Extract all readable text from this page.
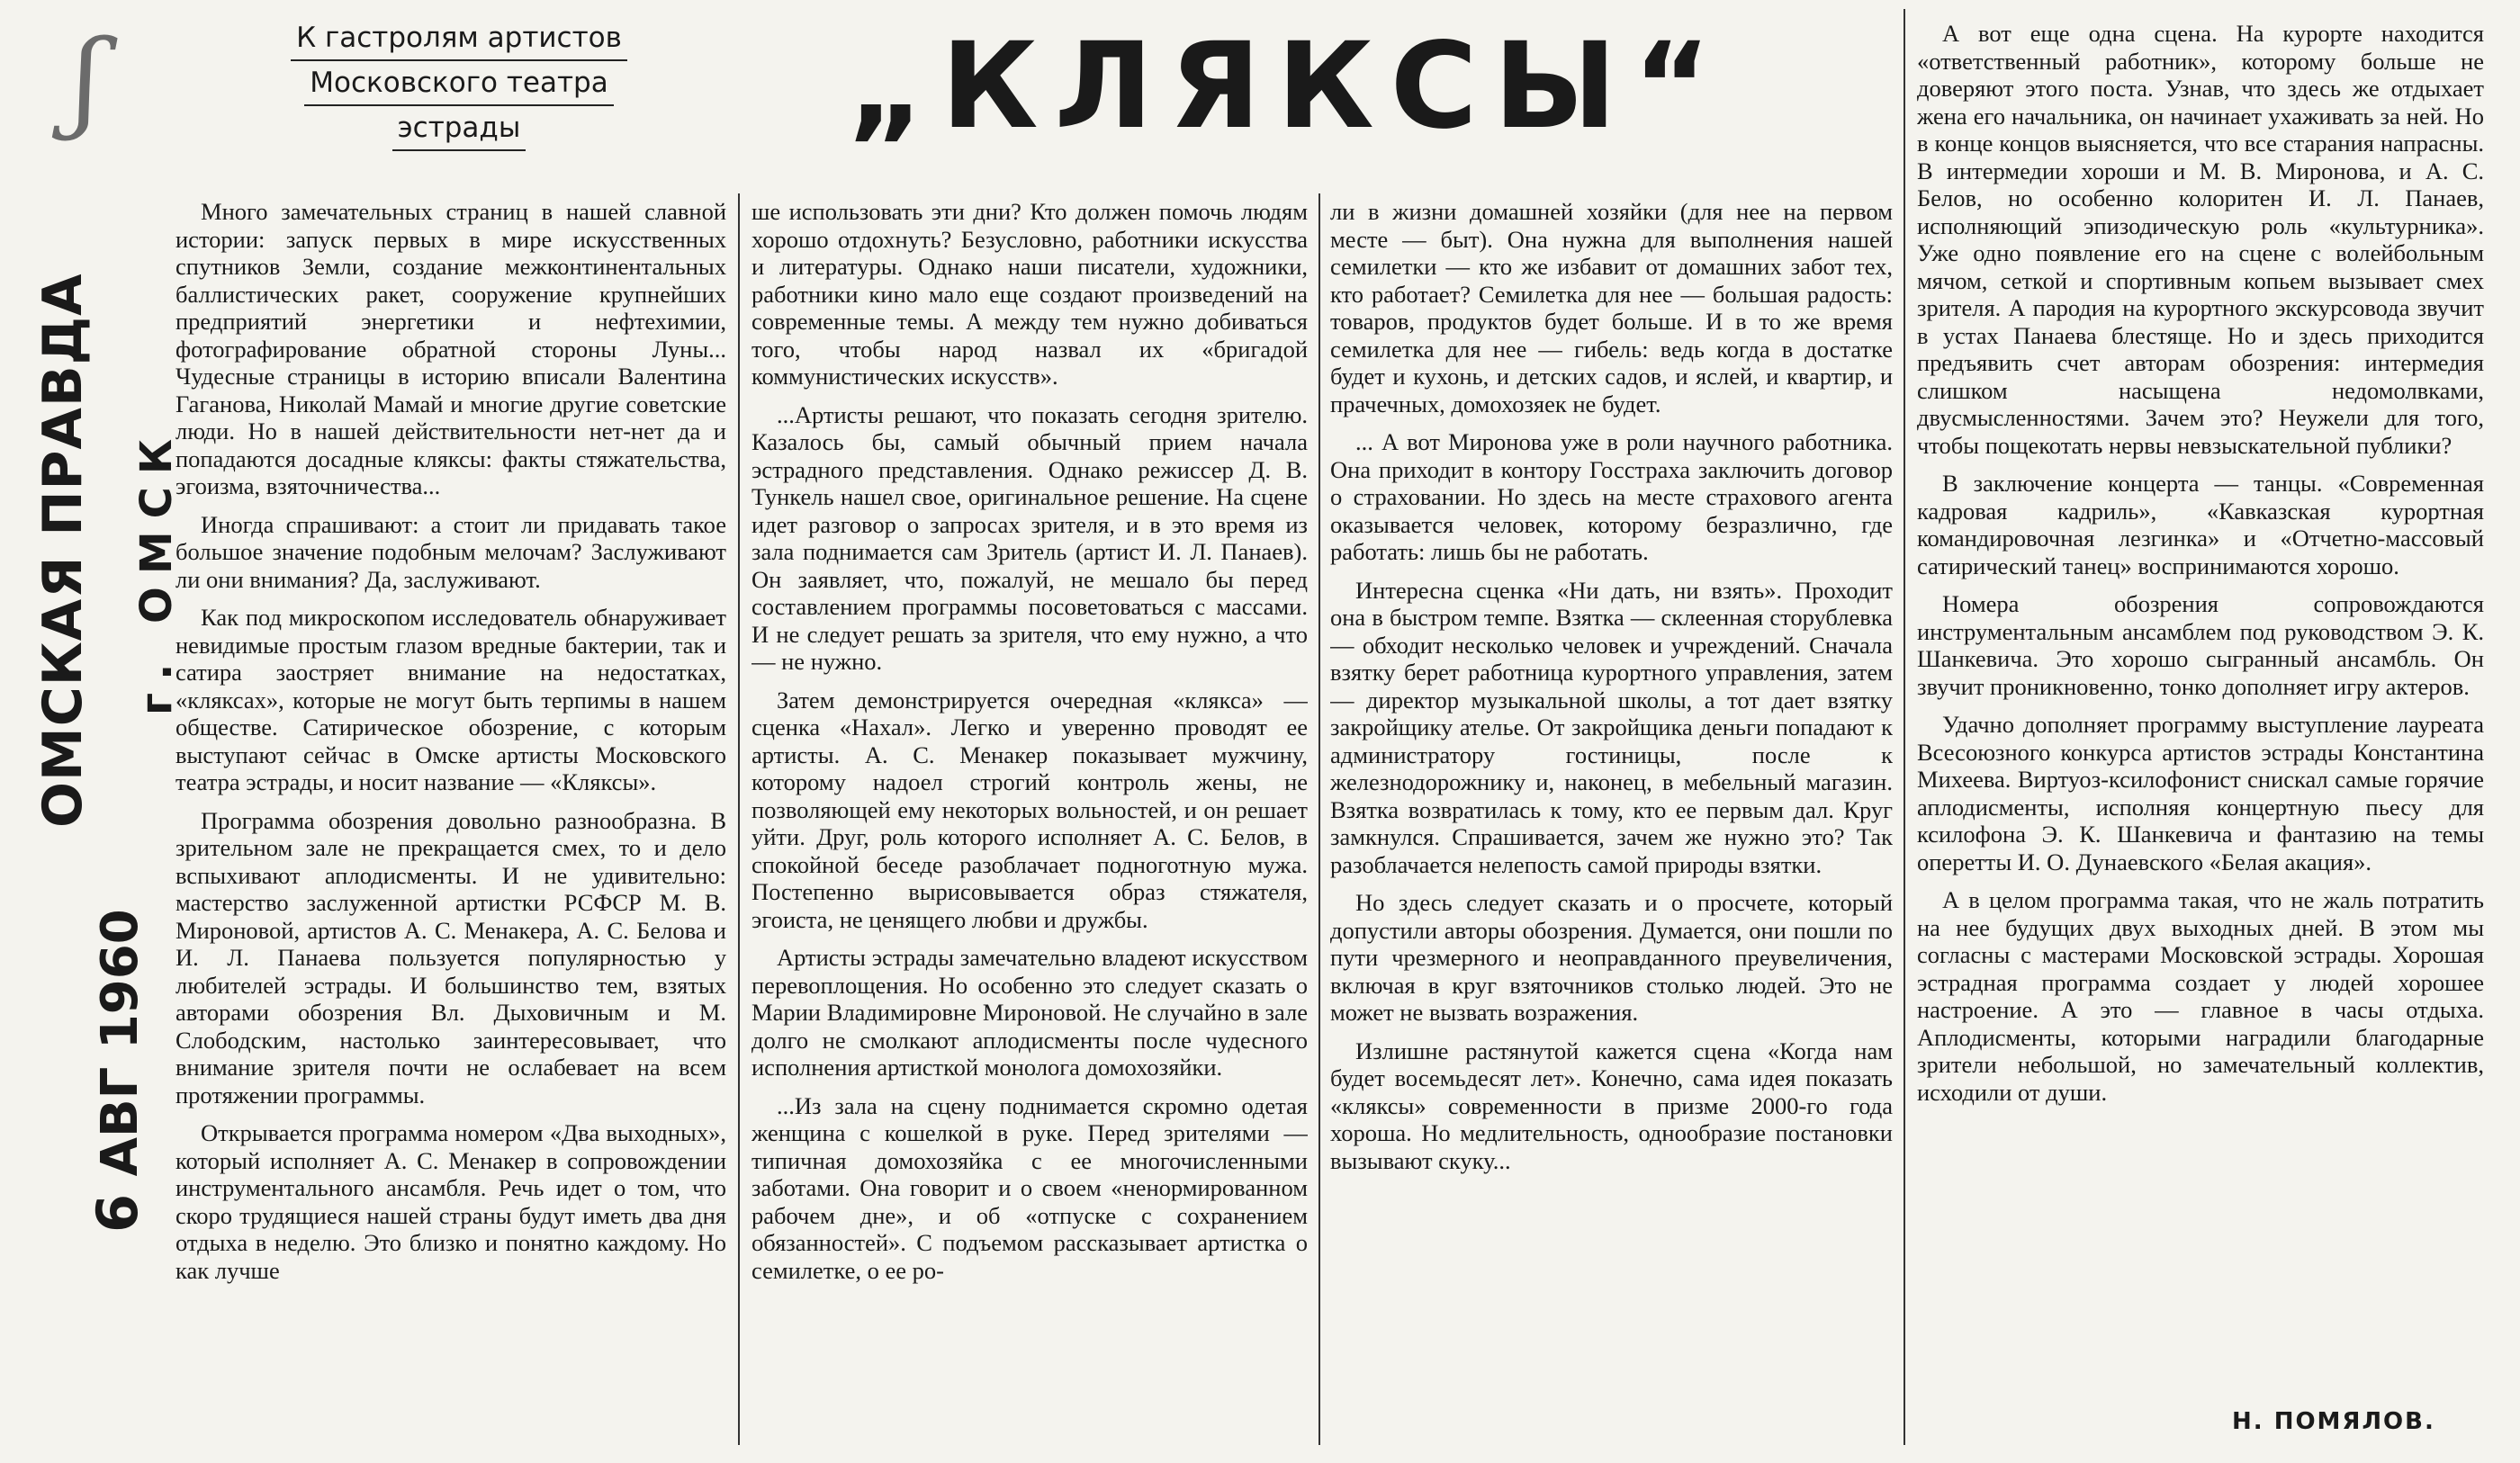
ʃ
ОМСКАЯ ПРАВДА г. ОМСК
6 АВГ 1960
К гастролям артистов
Московского театра
эстрады	„КЛЯКСЫ“

Много замечательных страниц в нашей славной истории: запуск первых в мире искусственных спутников Земли, создание межконтинентальных баллистических ракет, сооружение крупнейших предприятий энергетики и нефтехимии, фотографирование обратной стороны Луны... Чудесные страницы в историю вписали Валентина Гаганова, Николай Мамай и многие другие советские люди. Но в нашей действительности нет-нет да и попадаются досадные кляксы: факты стяжательства, эгоизма, взяточничества...

Иногда спрашивают: а стоит ли придавать такое большое значение подобным мелочам? Заслуживают ли они внимания? Да, заслуживают.

Как под микроскопом исследователь обнаруживает невидимые простым глазом вредные бактерии, так и сатира заостряет внимание на недостатках, «кляксах», которые не могут быть терпимы в нашем обществе. Сатирическое обозрение, с которым выступают сейчас в Омске артисты Московского театра эстрады, и носит название — «Кляксы».

Программа обозрения довольно разнообразна. В зрительном зале не прекращается смех, то и дело вспыхивают аплодисменты. И не удивительно: мастерство заслуженной артистки РСФСР М. В. Мироновой, артистов А. С. Менакера, А. С. Белова и И. Л. Панаева пользуется популярностью у любителей эстрады. И большинство тем, взятых авторами обозрения Вл. Дыховичным и М. Слободским, настолько заинтересовывает, что внимание зрителя почти не ослабевает на всем протяжении программы.

Открывается программа номером «Два выходных», который исполняет А. С. Менакер в сопровождении инструментального ансамбля. Речь идет о том, что скоро трудящиеся нашей страны будут иметь два дня отдыха в неделю. Это близко и понятно каждому. Но как лучше

ше использовать эти дни? Кто должен помочь людям хорошо отдохнуть? Безусловно, работники искусства и литературы. Однако наши писатели, художники, работники кино мало еще создают произведений на современные темы. А между тем нужно добиваться того, чтобы народ назвал их «бригадой коммунистических искусств».

...Артисты решают, что показать сегодня зрителю. Казалось бы, самый обычный прием начала эстрадного представления. Однако режиссер Д. В. Тункель нашел свое, оригинальное решение. На сцене идет разговор о запросах зрителя, и в это время из зала поднимается сам Зритель (артист И. Л. Панаев). Он заявляет, что, пожалуй, не мешало бы перед составлением программы посоветоваться с массами. И не следует решать за зрителя, что ему нужно, а что — не нужно.

Затем демонстрируется очередная «клякса» — сценка «Нахал». Легко и уверенно проводят ее артисты. А. С. Менакер показывает мужчину, которому надоел строгий контроль жены, не позволяющей ему некоторых вольностей, и он решает уйти. Друг, роль которого исполняет А. С. Белов, в спокойной беседе разоблачает подноготную мужа. Постепенно вырисовывается образ стяжателя, эгоиста, не ценящего любви и дружбы.

Артисты эстрады замечательно владеют искусством перевоплощения. Но особенно это следует сказать о Марии Владимировне Мироновой. Не случайно в зале долго не смолкают аплодисменты после чудесного исполнения артисткой монолога домохозяйки.

...Из зала на сцену поднимается скромно одетая женщина с кошелкой в руке. Перед зрителями — типичная домохозяйка с ее многочисленными заботами. Она говорит и о своем «ненормированном рабочем дне», и об «отпуске с сохранением обязанностей». С подъемом рассказывает артистка о семилетке, о ее ро-

ли в жизни домашней хозяйки (для нее на первом месте — быт). Она нужна для выполнения нашей семилетки — кто же избавит от домашних забот тех, кто работает? Семилетка для нее — большая радость: товаров, продуктов будет больше. И в то же время семилетка для нее — гибель: ведь когда в достатке будет и кухонь, и детских садов, и яслей, и квартир, и прачечных, домохозяек не будет.

... А вот Миронова уже в роли научного работника. Она приходит в контору Госстраха заключить договор о страховании. Но здесь на месте страхового агента оказывается человек, которому безразлично, где работать: лишь бы не работать.

Интересна сценка «Ни дать, ни взять». Проходит она в быстром темпе. Взятка — склеенная сторублевка — обходит несколько человек и учреждений. Сначала взятку берет работница курортного управления, затем — директор музыкальной школы, а тот дает взятку закройщику ателье. От закройщика деньги попадают к администратору гостиницы, после к железнодорожнику и, наконец, в мебельный магазин. Взятка возвратилась к тому, кто ее первым дал. Круг замкнулся. Спрашивается, зачем же нужно это? Так разоблачается нелепость самой природы взятки.

Но здесь следует сказать и о просчете, который допустили авторы обозрения. Думается, они пошли по пути чрезмерного и неоправданного преувеличения, включая в круг взяточников столько людей. Это не может не вызвать возражения.

Излишне растянутой кажется сцена «Когда нам будет восемьдесят лет». Конечно, сама идея показать «кляксы» современности в призме 2000-го года хороша. Но медлительность, однообразие постановки вызывают скуку...

А вот еще одна сцена. На курорте находится «ответственный работник», которому больше не доверяют этого поста. Узнав, что здесь же отдыхает жена его начальника, он начинает ухаживать за ней. Но в конце концов выясняется, что все старания напрасны. В интермедии хороши и М. В. Миронова, и А. С. Белов, но особенно колоритен И. Л. Панаев, исполняющий эпизодическую роль «культурника». Уже одно появление его на сцене с волейбольным мячом, сеткой и спортивным копьем вызывает смех зрителя. А пародия на курортного экскурсовода звучит в устах Панаева блестяще. Но и здесь приходится предъявить счет авторам обозрения: интермедия слишком насыщена недомолвками, двусмысленностями. Зачем это? Неужели для того, чтобы пощекотать нервы невзыскательной публики?

В заключение концерта — танцы. «Современная кадровая кадриль», «Кавказская курортная командировочная лезгинка» и «Отчетно-массовый сатирический танец» воспринимаются хорошо.

Номера обозрения сопровождаются инструментальным ансамблем под руководством Э. К. Шанкевича. Это хорошо сыгранный ансамбль. Он звучит проникновенно, тонко дополняет игру актеров.

Удачно дополняет программу выступление лауреата Всесоюзного конкурса артистов эстрады Константина Михеева. Виртуоз-ксилофонист снискал самые горячие аплодисменты, исполняя концертную пьесу для ксилофона Э. К. Шанкевича и фантазию на темы оперетты И. О. Дунаевского «Белая акация».

А в целом программа такая, что не жаль потратить на нее будущих двух выходных дней. В этом мы согласны с мастерами Московской эстрады. Хорошая эстрадная программа создает у людей хорошее настроение. А это — главное в часы отдыха. Аплодисменты, которыми наградили благодарные зрители небольшой, но замечательный коллектив, исходили от души.

Н. ПОМЯЛОВ.
